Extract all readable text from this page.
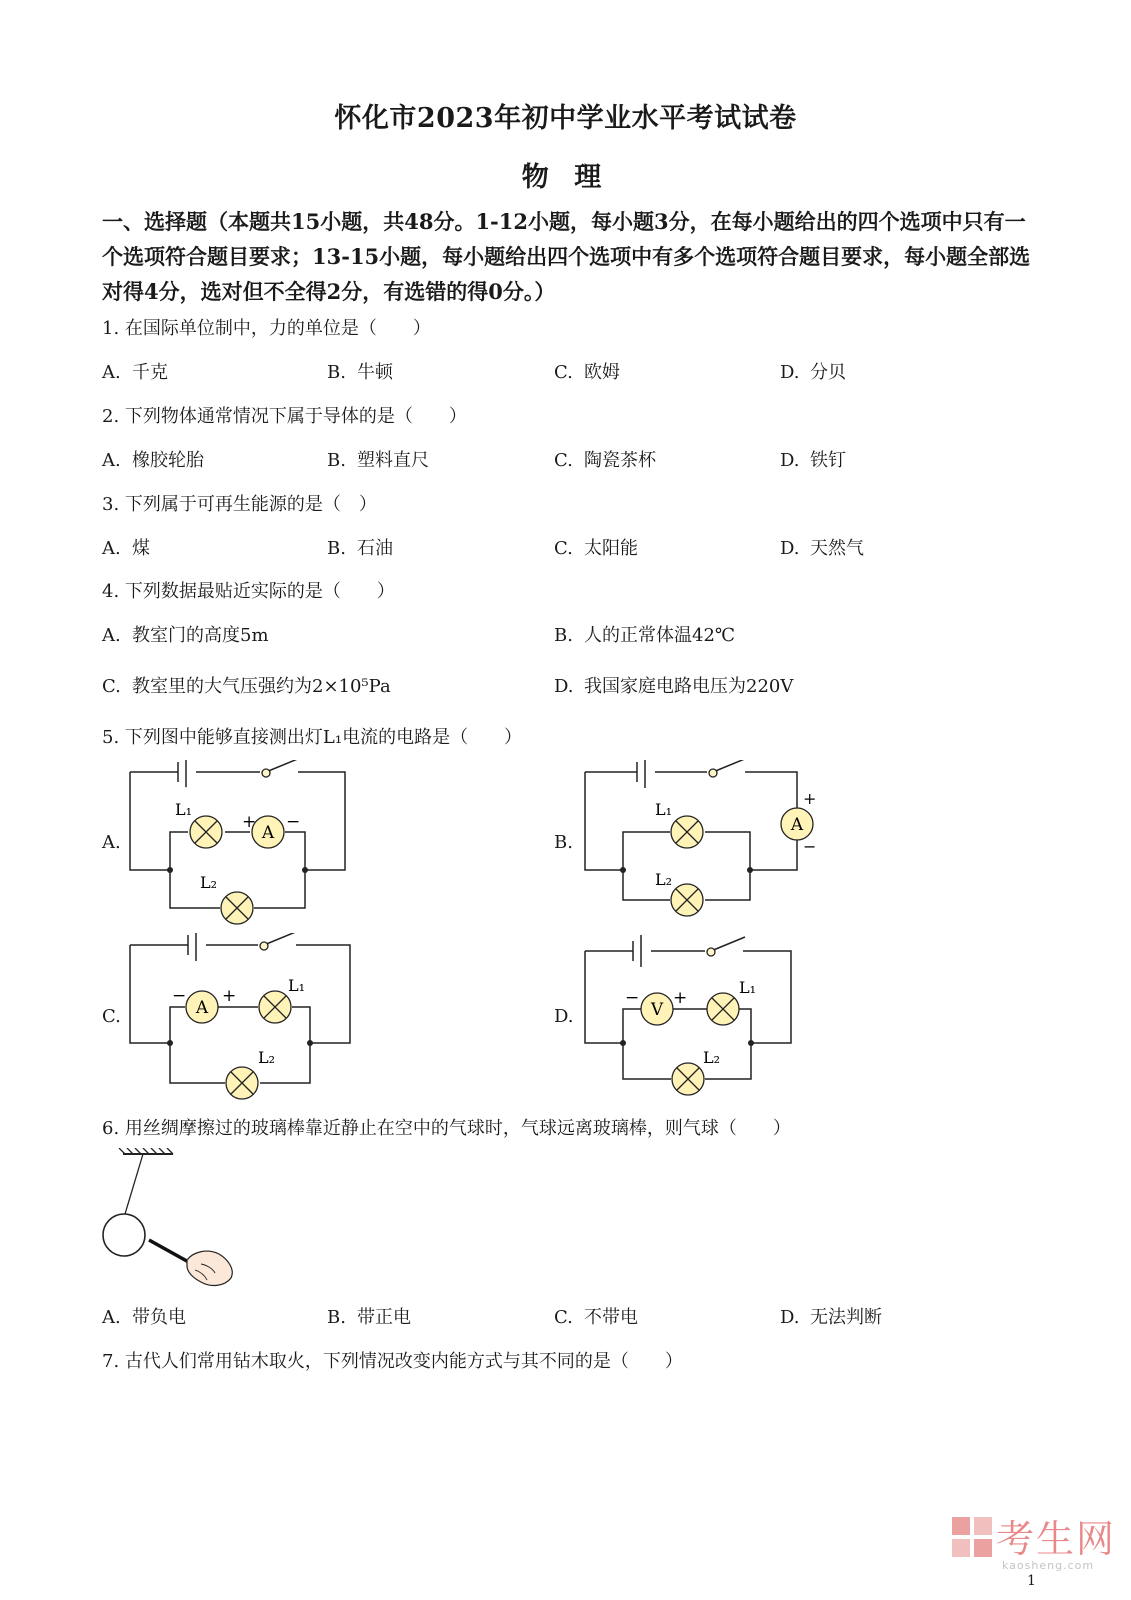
怀化市2023年初中学业水平考试试卷
物 理
一、选择题（本题共15小题，共48分。1-12小题，每小题3分，在每小题给出的四个选项中只有一个选项符合题目要求；13-15小题，每小题给出四个选项中有多个选项符合题目要求，每小题全部选对得4分，选对但不全得2分，有选错的得0分。）
1. 在国际单位制中，力的单位是（　　）
A. 千克	B. 牛顿	C. 欧姆	D. 分贝
2. 下列物体通常情况下属于导体的是（　　）
A. 橡胶轮胎	B. 塑料直尺	C. 陶瓷茶杯	D. 铁钉
3. 下列属于可再生能源的是（　）
A. 煤	B. 石油	C. 太阳能	D. 天然气
4. 下列数据最贴近实际的是（　　）
A. 教室门的高度5m	B. 人的正常体温42℃
C. 教室里的大气压强约为2×10⁵Pa	D. 我国家庭电路电压为220V
5. 下列图中能够直接测出灯L₁电流的电路是（　　）
A.	B.
C.	D.
A
+ −
L₁
L₂
A
+
−
L₁
L₂
A
− +
L₁
L₂
V
− +
L₁
L₂
6. 用丝绸摩擦过的玻璃棒靠近静止在空中的气球时，气球远离玻璃棒，则气球（　　）
A. 带负电	B. 带正电	C. 不带电	D. 无法判断
7. 古代人们常用钻木取火，下列情况改变内能方式与其不同的是（　　）
考生网
kaosheng.com
1
